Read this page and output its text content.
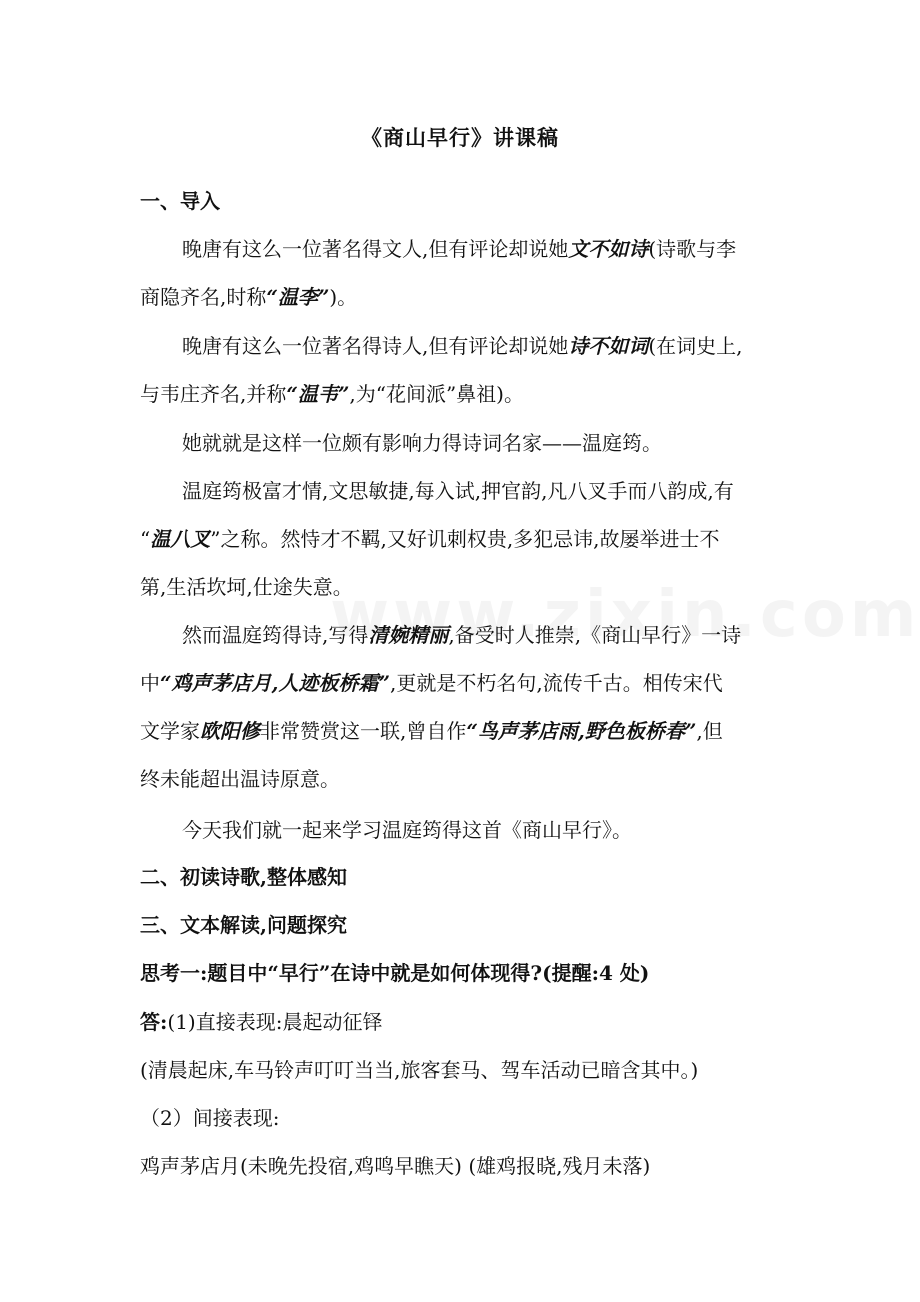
《商山早行》讲课稿
一、导入
晚唐有这么一位著名得文人,但有评论却说她文不如诗(诗歌与李
商隐齐名,时称“温李”)。
晚唐有这么一位著名得诗人,但有评论却说她诗不如词(在词史上,
与韦庄齐名,并称“温韦”,为“花间派”鼻祖)。
她就就是这样一位颇有影响力得诗词名家——温庭筠。
温庭筠极富才情,文思敏捷,每入试,押官韵,凡八叉手而八韵成,有
“温八叉”之称。然恃才不羁,又好讥刺权贵,多犯忌讳,故屡举进士不
第,生活坎坷,仕途失意。
然而温庭筠得诗,写得清婉精丽,备受时人推崇,《商山早行》一诗
中“鸡声茅店月,人迹板桥霜”,更就是不朽名句,流传千古。相传宋代
文学家欧阳修非常赞赏这一联,曾自作“鸟声茅店雨,野色板桥春”,但
终未能超出温诗原意。
今天我们就一起来学习温庭筠得这首《商山早行》。
二、初读诗歌,整体感知
三、文本解读,问题探究
思考一:题目中“早行”在诗中就是如何体现得?(提醒:4 处)
答:(1)直接表现:晨起动征铎
(清晨起床,车马铃声叮叮当当,旅客套马、驾车活动已暗含其中。)
（2）间接表现:
鸡声茅店月(未晚先投宿,鸡鸣早瞧天) (雄鸡报晓,残月未落)
